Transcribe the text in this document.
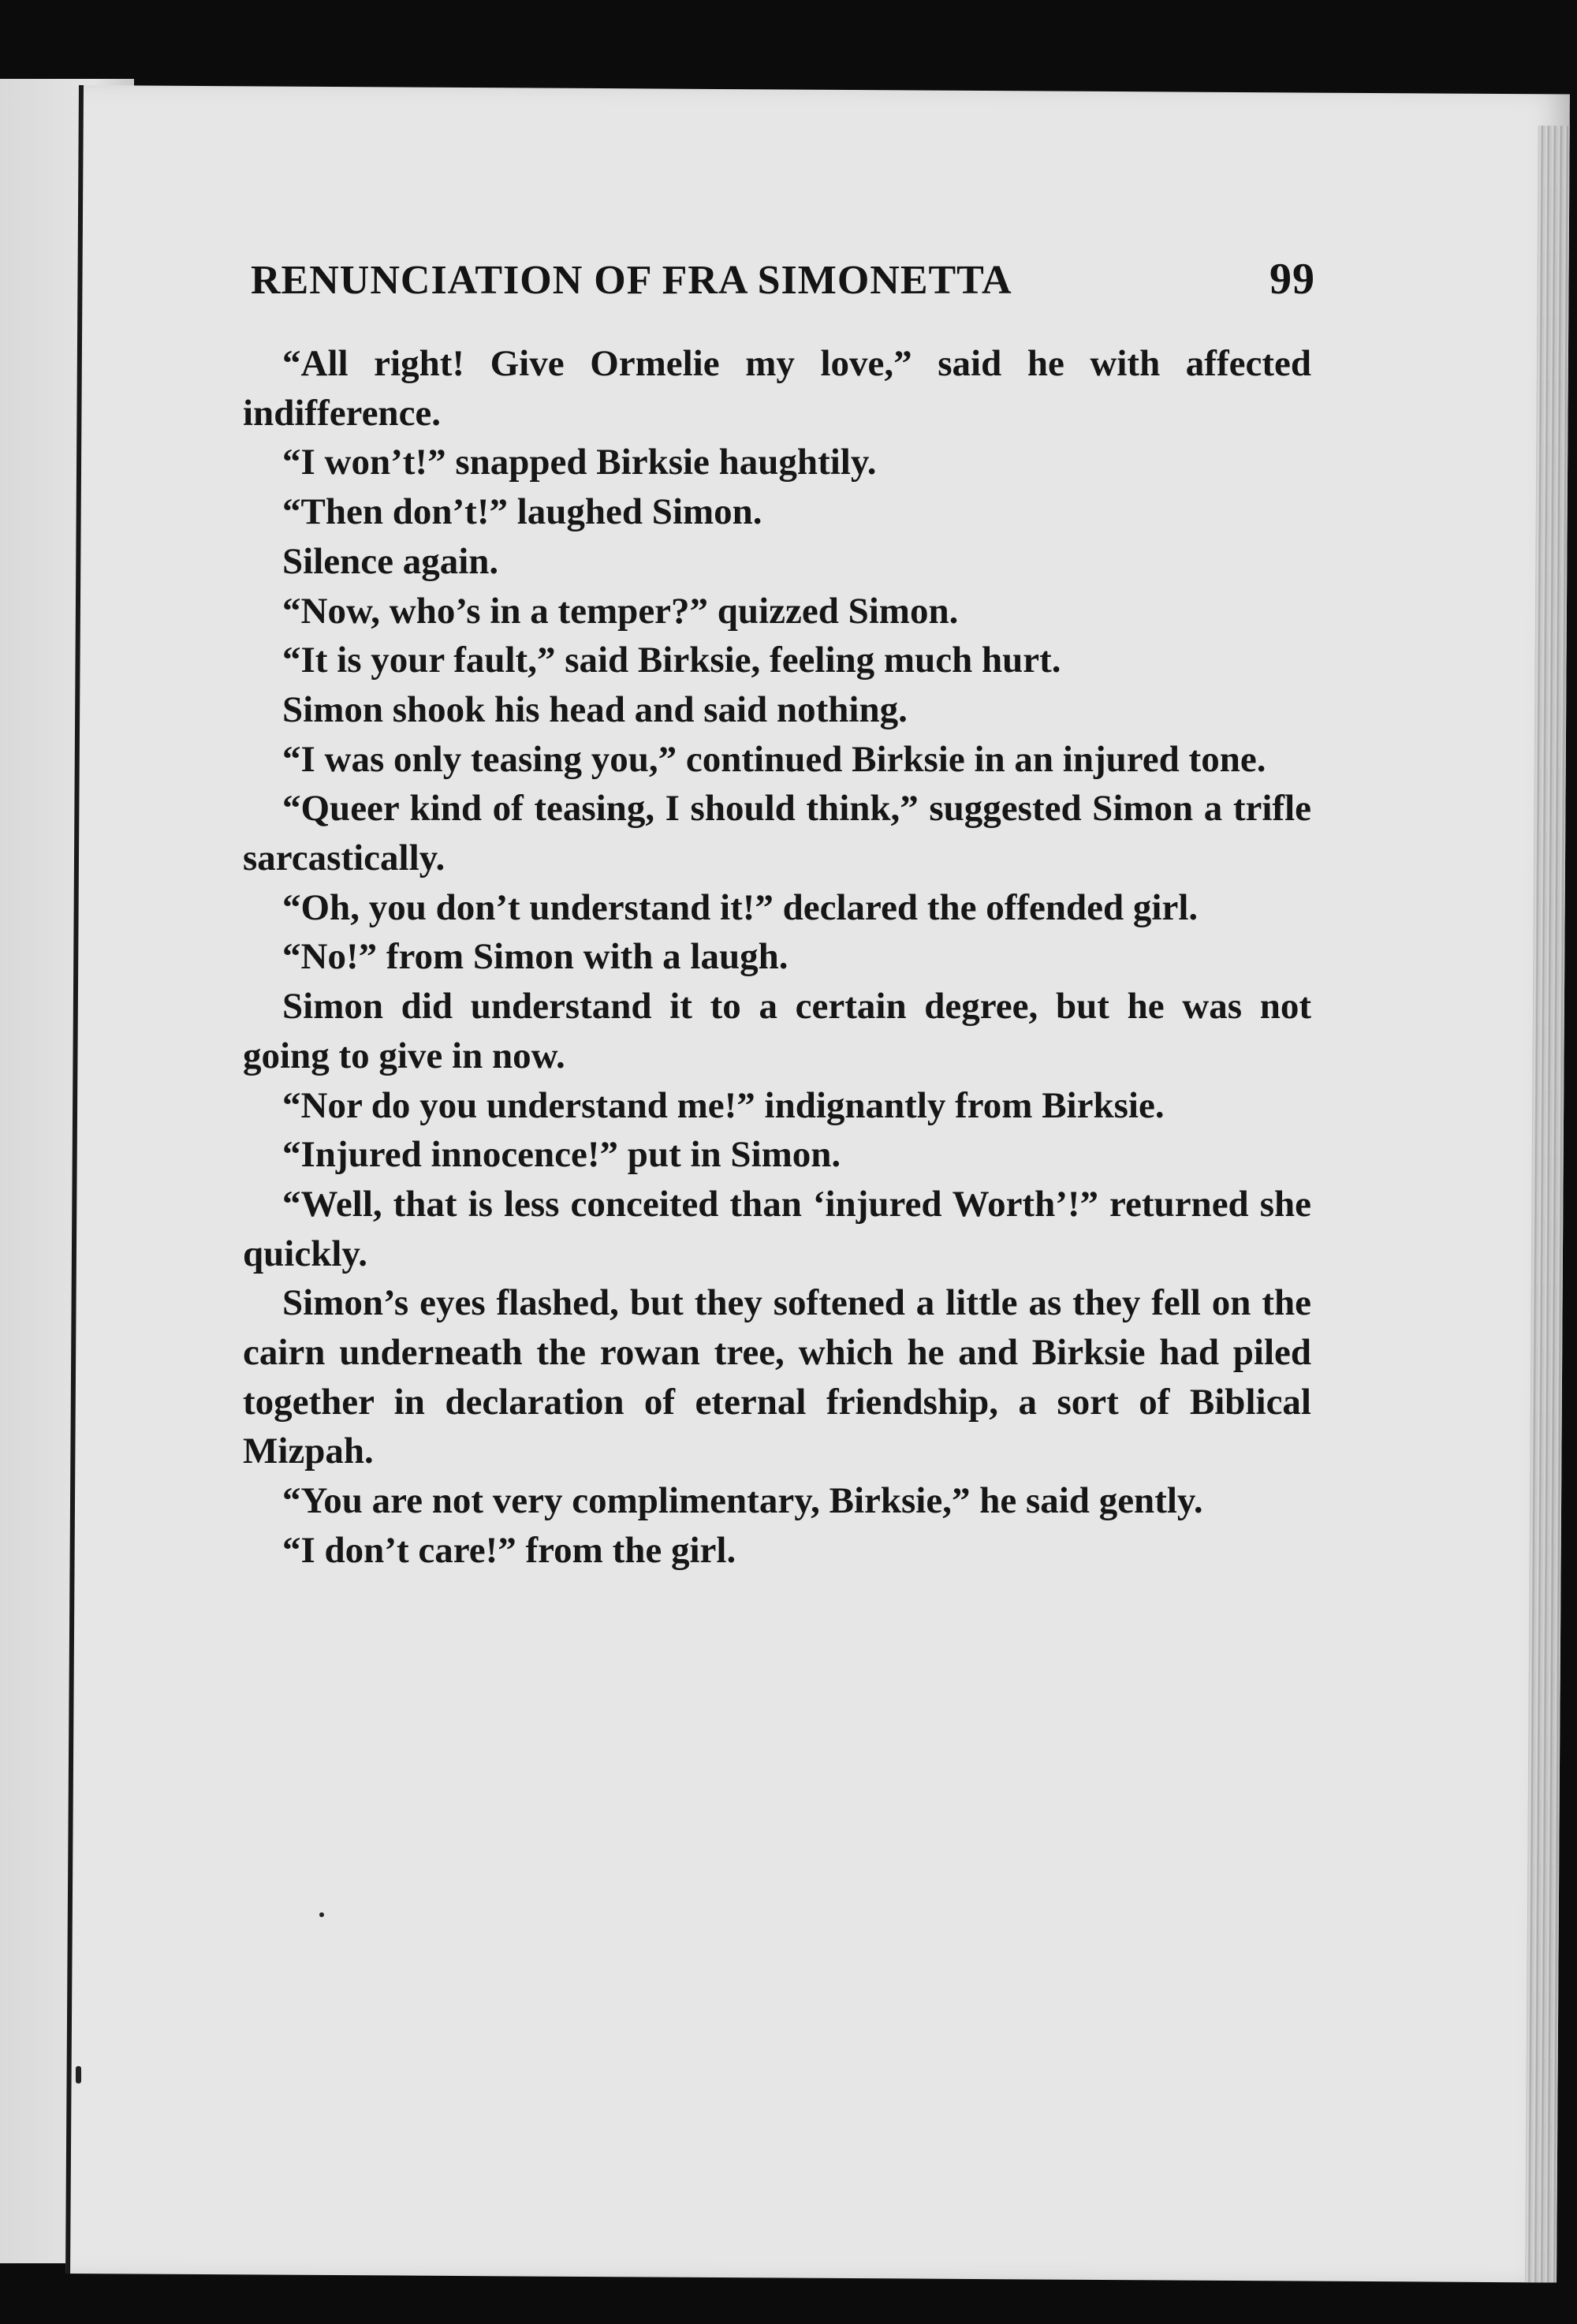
RENUNCIATION OF FRA SIMONETTA	99

“All right! Give Ormelie my love,” said he with affected indifference.

“I won’t!” snapped Birksie haughtily.

“Then don’t!” laughed Simon.

Silence again.

“Now, who’s in a temper?” quizzed Simon.

“It is your fault,” said Birksie, feeling much hurt.

Simon shook his head and said nothing.

“I was only teasing you,” continued Birksie in an injured tone.

“Queer kind of teasing, I should think,” suggested Simon a trifle sarcastically.

“Oh, you don’t understand it!” declared the offended girl.

“No!” from Simon with a laugh.

Simon did understand it to a certain degree, but he was not going to give in now.

“Nor do you understand me!” indignantly from Birksie.

“Injured innocence!” put in Simon.

“Well, that is less conceited than ‘injured Worth’!” returned she quickly.

Simon’s eyes flashed, but they softened a little as they fell on the cairn underneath the rowan tree, which he and Birksie had piled together in declaration of eternal friendship, a sort of Biblical Mizpah.

“You are not very complimentary, Birksie,” he said gently.

“I don’t care!” from the girl.
